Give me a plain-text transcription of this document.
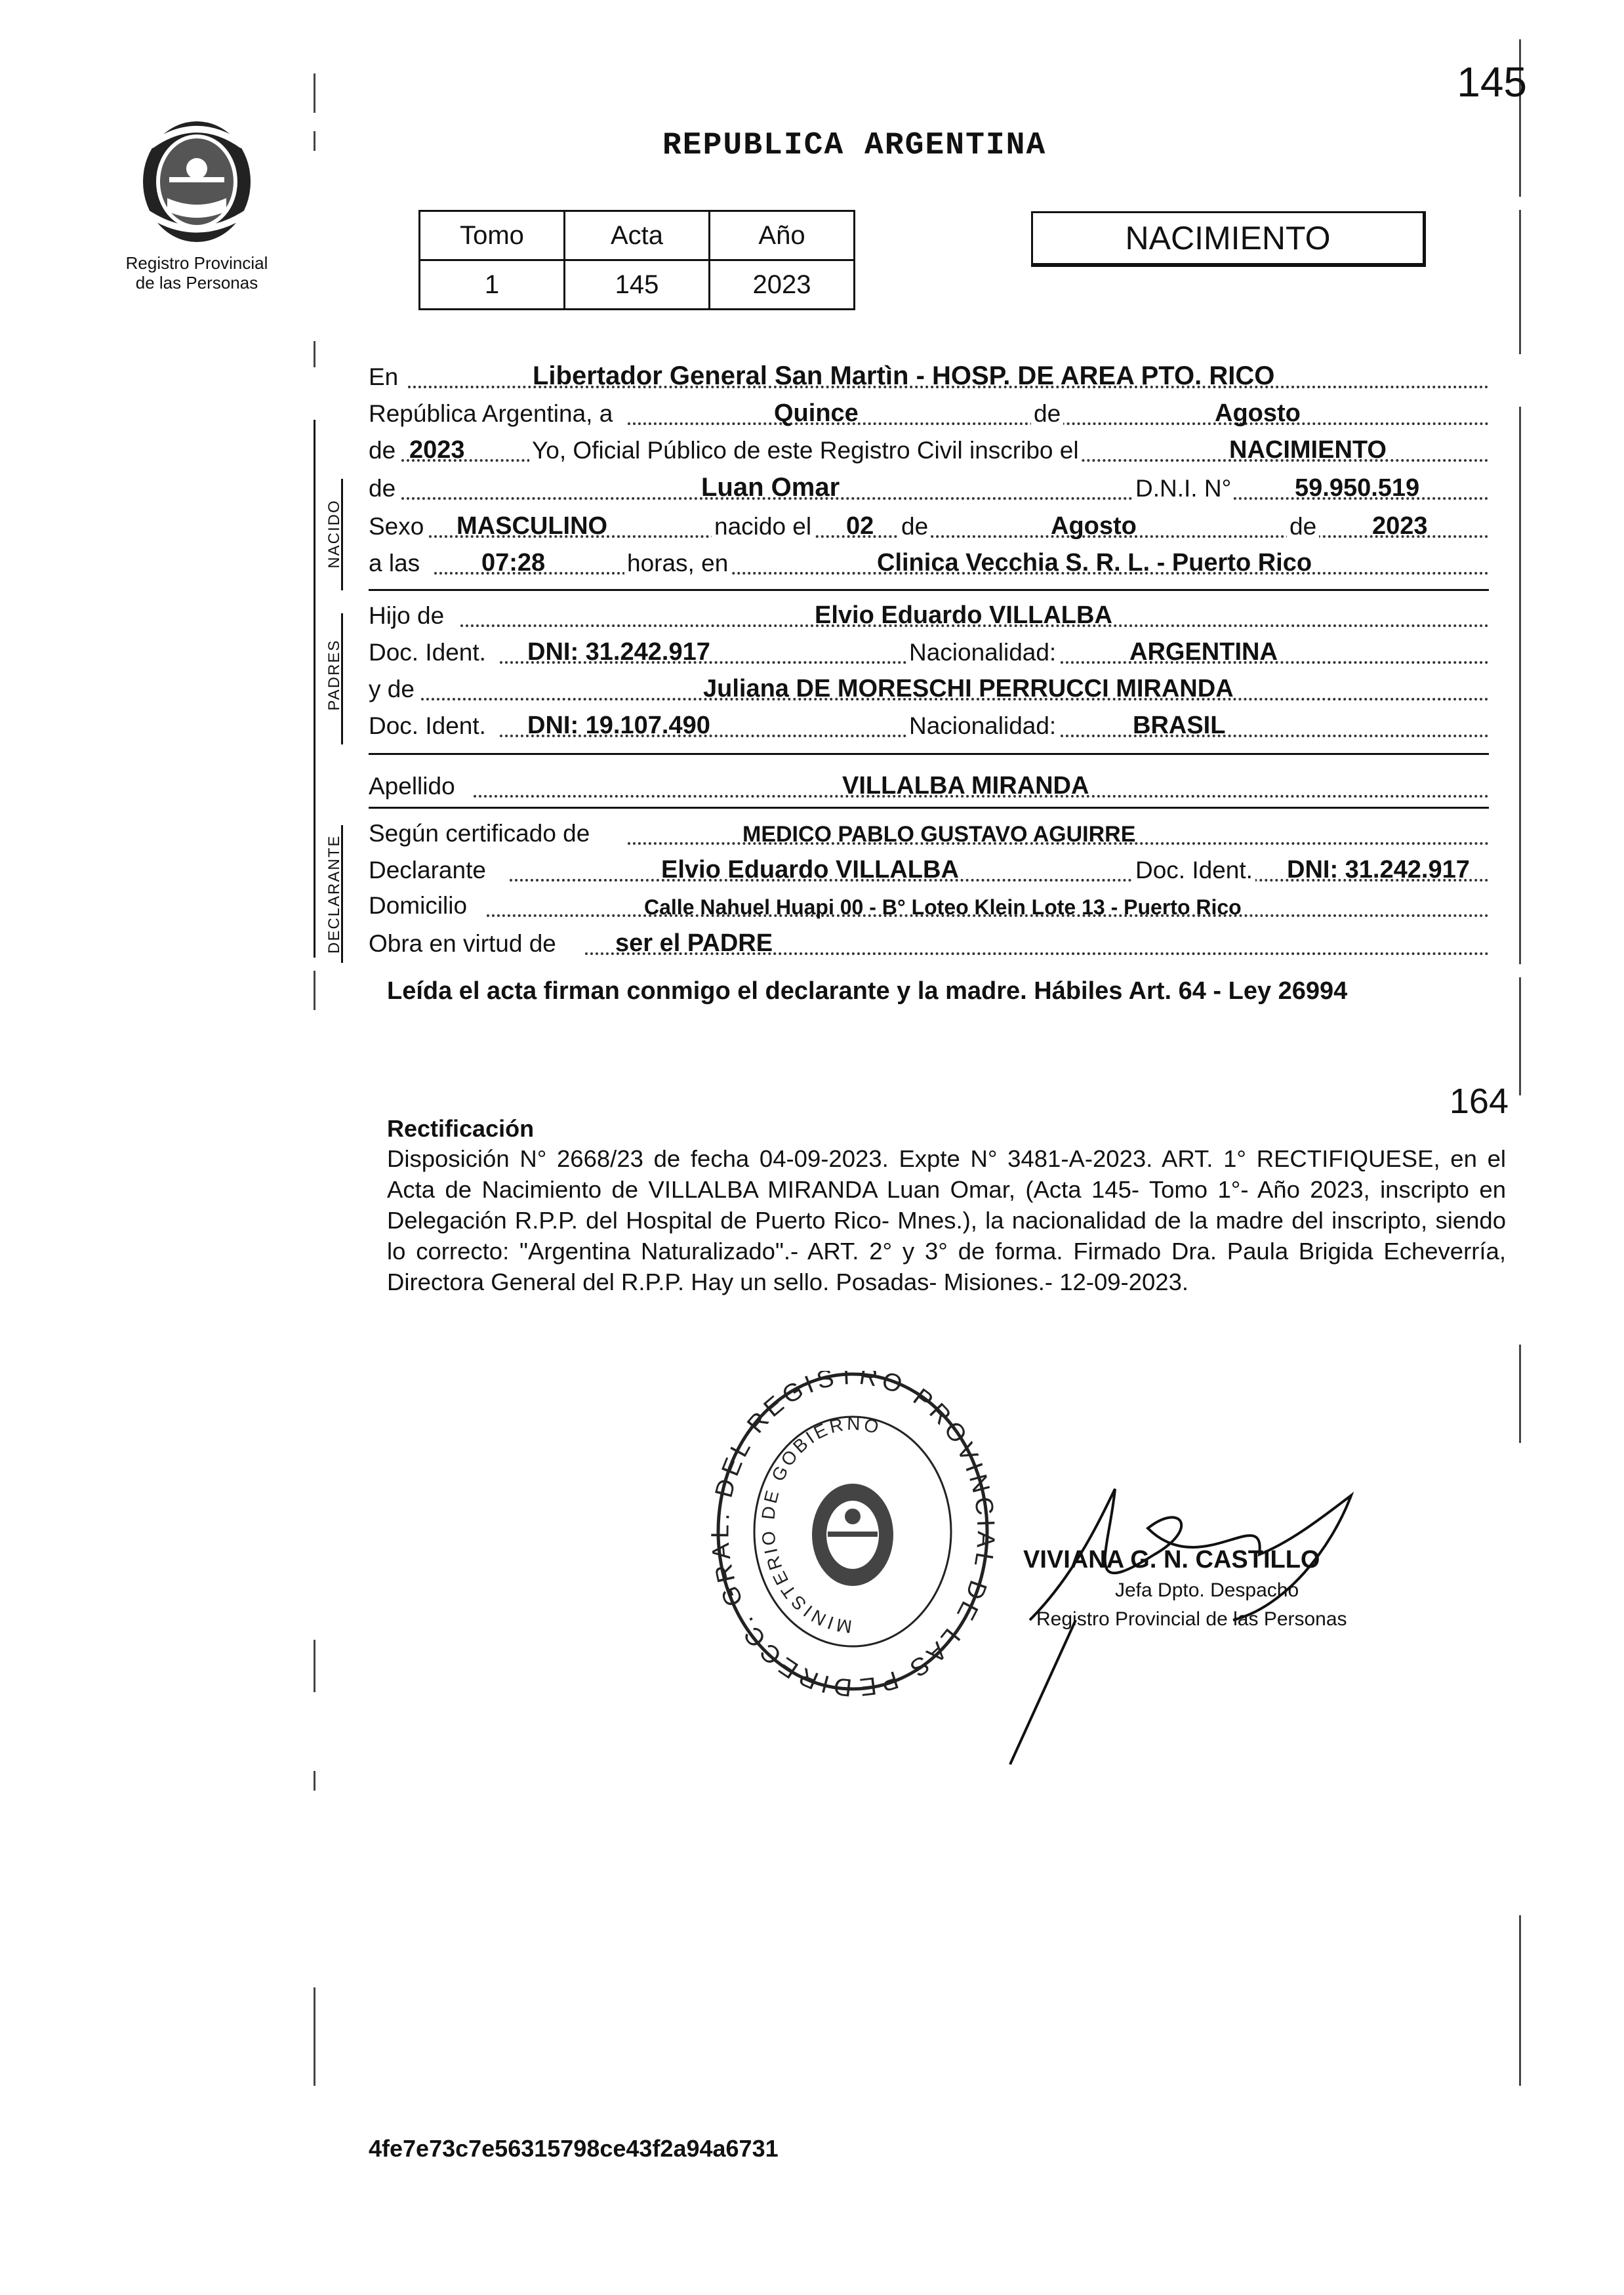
145
Registro Provincial de las Personas
REPUBLICA ARGENTINA
Tomo	Acta	Año
1	145	2023
NACIMIENTO
NACIDO
PADRES
DECLARANTE
En	Libertador General San Martìn - HOSP. DE AREA PTO. RICO
República Argentina, a	Quince	de	Agosto
de 2023	Yo, Oficial Público de este Registro Civil inscribo el	NACIMIENTO
de	Luan Omar	D.N.I. N°	59.950.519
Sexo MASCULINO	nacido el 02 de	Agosto	de 2023
a las 07:28	horas, en	Clinica Vecchia S. R. L. - Puerto Rico
Hijo de	Elvio Eduardo VILLALBA
Doc. Ident. DNI: 31.242.917	Nacionalidad:	ARGENTINA
y de	Juliana DE MORESCHI PERRUCCI MIRANDA
Doc. Ident. DNI: 19.107.490	Nacionalidad:	BRASIL
Apellido	VILLALBA MIRANDA
Según certificado de	MEDICO PABLO GUSTAVO AGUIRRE
Declarante	Elvio Eduardo VILLALBA	Doc. Ident. DNI: 31.242.917
Domicilio	Calle Nahuel Huapi 00 - B° Loteo Klein Lote 13 - Puerto Rico
Obra en virtud de ser el PADRE
Leída el acta firman conmigo el declarante y la madre. Hábiles Art. 64 - Ley 26994
164
Rectificación
Disposición N° 2668/23 de fecha 04-09-2023. Expte N° 3481-A-2023. ART. 1° RECTIFIQUESE, en el Acta de Nacimiento de VILLALBA MIRANDA Luan Omar, (Acta 145- Tomo 1°- Año 2023, inscripto en Delegación R.P.P. del Hospital de Puerto Rico- Mnes.), la nacionalidad de la madre del inscripto, siendo lo correcto: "Argentina Naturalizado".- ART. 2° y 3° de forma. Firmado Dra. Paula Brigida Echeverría, Directora General del R.P.P. Hay un sello. Posadas- Misiones.- 12-09-2023.
DIRECC. GRAL. DEL REGISTRO PROVINCIAL DE LAS PE
MINISTERIO DE GOBIERNO
VIVIANA G. N. CASTILLO
Jefa Dpto. Despacho
Registro Provincial de las Personas
4fe7e73c7e56315798ce43f2a94a6731
